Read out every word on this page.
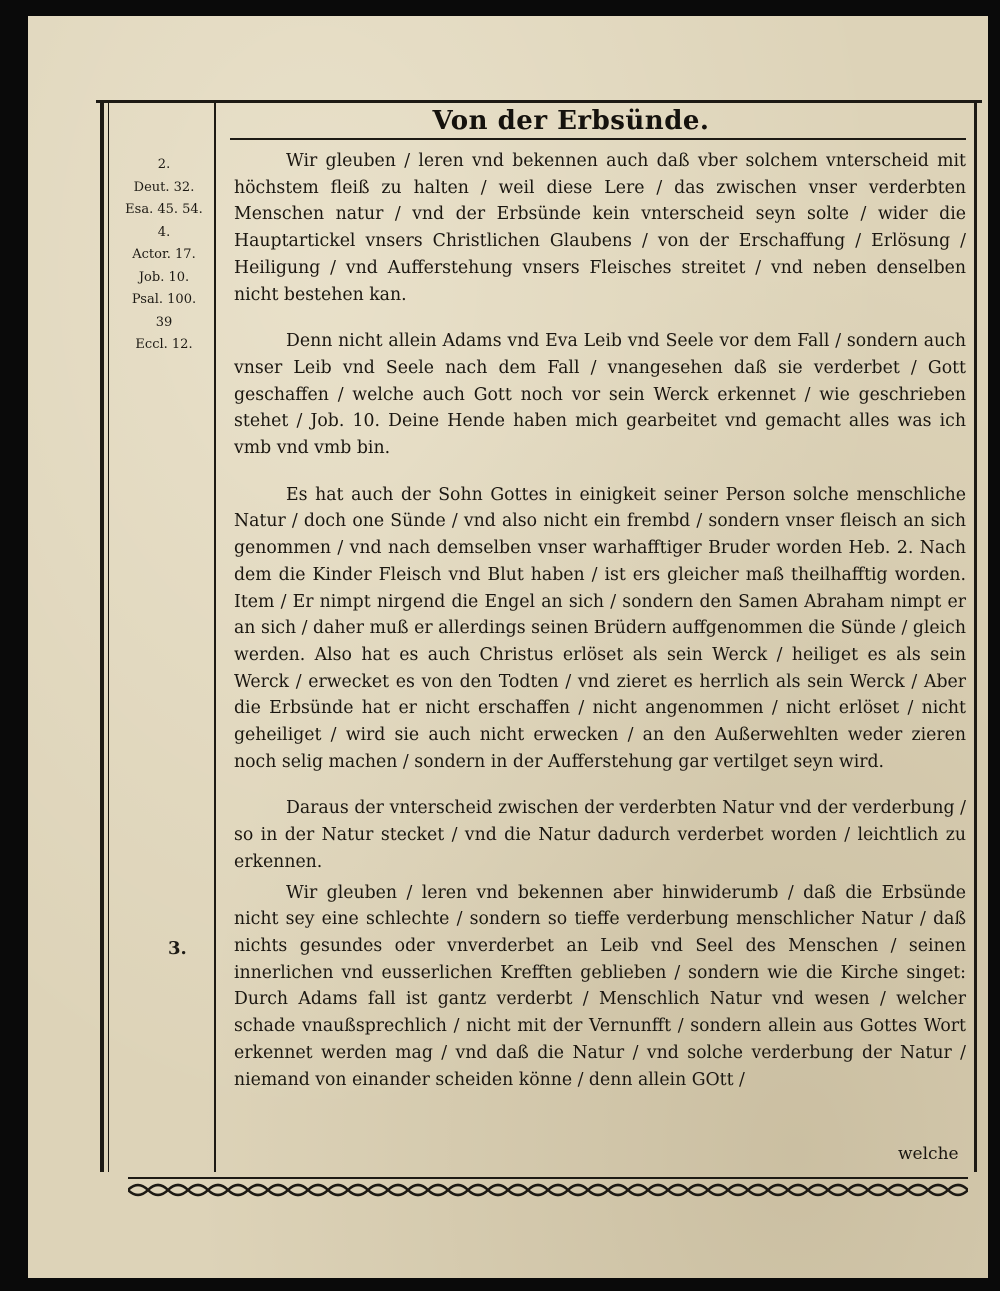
Von der Erbsünde.
2.
Deut. 32.
Esa. 45. 54.
4.
Actor. 17.
Job. 10.
Psal. 100.
39
Eccl. 12.
3.

Wir gleuben / leren vnd bekennen auch daß vber solchem vnterscheid mit höchstem fleiß zu halten / weil diese Lere / das zwischen vnser verderbten Menschen natur / vnd der Erbsünde kein vnterscheid seyn solte / wider die Hauptartickel vnsers Christlichen Glaubens / von der Erschaffung / Erlösung / Heiligung / vnd Aufferstehung vnsers Fleisches streitet / vnd neben denselben nicht bestehen kan.

Denn nicht allein Adams vnd Eva Leib vnd Seele vor dem Fall / sondern auch vnser Leib vnd Seele nach dem Fall / vnangesehen daß sie verderbet / Gott geschaffen / welche auch Gott noch vor sein Werck erkennet / wie geschrieben stehet / Job. 10. Deine Hende haben mich gearbeitet vnd gemacht alles was ich vmb vnd vmb bin.

Es hat auch der Sohn Gottes in einigkeit seiner Person solche menschliche Natur / doch one Sünde / vnd also nicht ein frembd / sondern vnser fleisch an sich genommen / vnd nach demselben vnser warhafftiger Bruder worden Heb. 2. Nach dem die Kinder Fleisch vnd Blut haben / ist ers gleicher maß theilhafftig worden. Item / Er nimpt nirgend die Engel an sich / sondern den Samen Abraham nimpt er an sich / daher muß er allerdings seinen Brüdern auffgenommen die Sünde / gleich werden. Also hat es auch Christus erlöset als sein Werck / heiliget es als sein Werck / erwecket es von den Todten / vnd zieret es herrlich als sein Werck / Aber die Erbsünde hat er nicht erschaffen / nicht angenommen / nicht erlöset / nicht geheiliget / wird sie auch nicht erwecken / an den Außerwehlten weder zieren noch selig machen / sondern in der Aufferstehung gar vertilget seyn wird.

Daraus der vnterscheid zwischen der verderbten Natur vnd der verderbung / so in der Natur stecket / vnd die Natur dadurch verderbet worden / leichtlich zu erkennen.

Wir gleuben / leren vnd bekennen aber hinwiderumb / daß die Erbsünde nicht sey eine schlechte / sondern so tieffe verderbung menschlicher Natur / daß nichts gesundes oder vnverderbet an Leib vnd Seel des Menschen / seinen innerlichen vnd eusserlichen Krefften geblieben / sondern wie die Kirche singet: Durch Adams fall ist gantz verderbt / Menschlich Natur vnd wesen / welcher schade vnaußsprechlich / nicht mit der Vernunfft / sondern allein aus Gottes Wort erkennet werden mag / vnd daß die Natur / vnd solche verderbung der Natur / niemand von einander scheiden könne / denn allein GOtt /

welche
